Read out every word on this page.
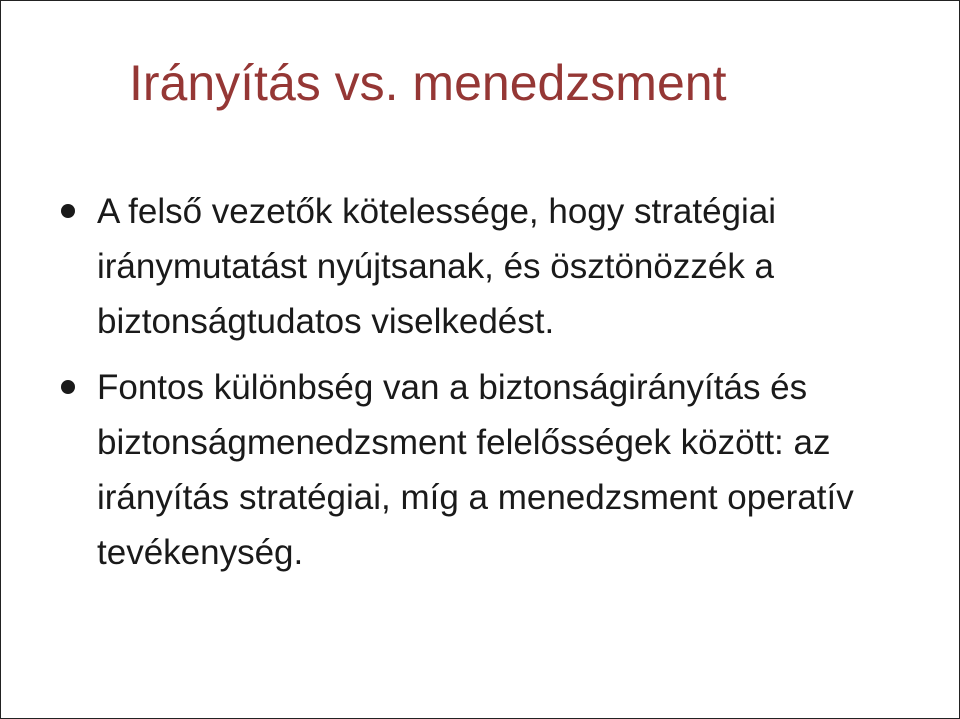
Irányítás vs. menedzsment
A felső vezetők kötelessége, hogy stratégiai iránymutatást nyújtsanak, és ösztönözzék a biztonságtudatos viselkedést.
Fontos különbség van a biztonságirányítás és biztonságmenedzsment felelősségek között: az irányítás stratégiai, míg a menedzsment operatív tevékenység.
